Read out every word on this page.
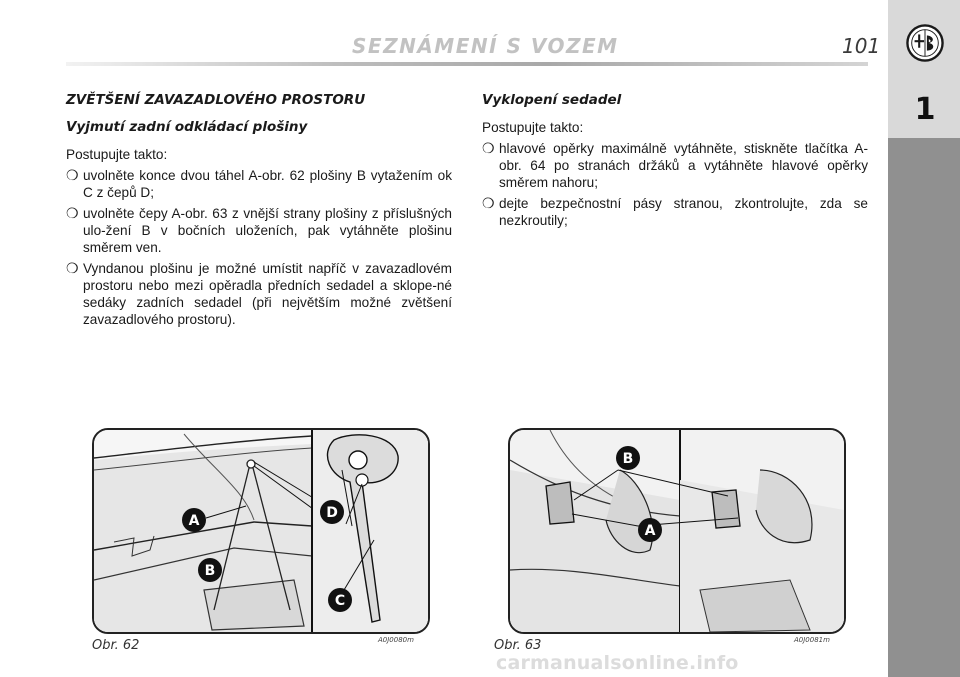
SEZNÁMENÍ S VOZEM	101
1
ZVĚTŠENÍ ZAVAZADLOVÉHO PROSTORU
Vyjmutí zadní odkládací plošiny
Postupujte takto:
❍ uvolněte konce dvou táhel A-obr. 62 plošiny B vytažením ok C z čepů D;
❍ uvolněte čepy A-obr. 63 z vnější strany plošiny z příslušných ulo-žení B v bočních uloženích, pak vytáhněte plošinu směrem ven.
❍ Vyndanou plošinu je možné umístit napříč v zavazadlovém prostoru nebo mezi opěradla předních sedadel a sklope-né sedáky zadních sedadel (při největším možné zvětšení zavazadlového prostoru).
Vyklopení sedadel
Postupujte takto:
❍ hlavové opěrky maximálně vytáhněte, stiskněte tlačítka A-obr. 64 po stranách držáků a vytáhněte hlavové opěrky směrem nahoru;
❍ dejte bezpečnostní pásy stranou, zkontrolujte, zda se nezkroutily;
A
B
D
C
Obr. 62	A0J0080m
B
A
Obr. 63	A0J0081m
carmanualsonline.info
